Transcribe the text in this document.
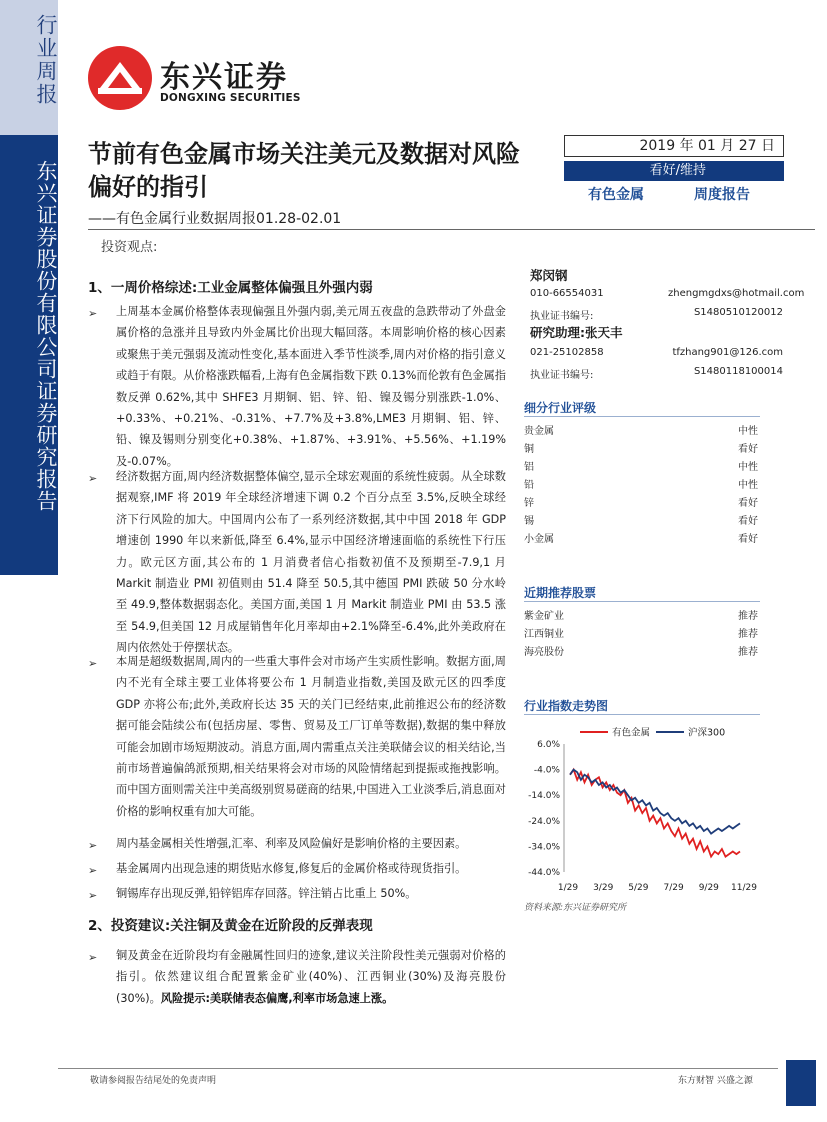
行业周报
东兴证券股份有限公司证券研究报告
东兴证券
DONGXING SECURITIES
节前有色金属市场关注美元及数据对风险偏好的指引
——有色金属行业数据周报01.28-02.01
投资观点:
2019 年 01 月 27 日
看好/维持
有色金属	周度报告
1、一周价格综述:工业金属整体偏强且外强内弱
➢ 上周基本金属价格整体表现偏强且外强内弱,美元周五夜盘的急跌带动了外盘金属价格的急涨并且导致内外金属比价出现大幅回落。本周影响价格的核心因素或聚焦于美元强弱及流动性变化,基本面进入季节性淡季,周内对价格的指引意义或趋于有限。从价格涨跌幅看,上海有色金属指数下跌 0.13%而伦敦有色金属指数反弹 0.62%,其中 SHFE3 月期铜、铝、锌、铅、镍及锡分别涨跌-1.0%、+0.33%、+0.21%、-0.31%、+7.7%及+3.8%,LME3 月期铜、铝、锌、铅、镍及锡则分别变化+0.38%、+1.87%、+3.91%、+5.56%、+1.19%及-0.07%。
➢ 经济数据方面,周内经济数据整体偏空,显示全球宏观面的系统性疲弱。从全球数据观察,IMF 将 2019 年全球经济增速下调 0.2 个百分点至 3.5%,反映全球经济下行风险的加大。中国周内公布了一系列经济数据,其中中国 2018 年 GDP 增速创 1990 年以来新低,降至 6.4%,显示中国经济增速面临的系统性下行压力。欧元区方面,其公布的 1 月消费者信心指数初值不及预期至-7.9,1 月 Markit 制造业 PMI 初值则由 51.4 降至 50.5,其中德国 PMI 跌破 50 分水岭至 49.9,整体数据弱态化。美国方面,美国 1 月 Markit 制造业 PMI 由 53.5 涨至 54.9,但美国 12 月成屋销售年化月率却由+2.1%降至-6.4%,此外美政府在周内依然处于停摆状态。
➢ 本周是超级数据周,周内的一些重大事件会对市场产生实质性影响。数据方面,周内不光有全球主要工业体将要公布 1 月制造业指数,美国及欧元区的四季度 GDP 亦将公布;此外,美政府长达 35 天的关门已经结束,此前推迟公布的经济数据可能会陆续公布(包括房屋、零售、贸易及工厂订单等数据),数据的集中释放可能会加剧市场短期波动。消息方面,周内需重点关注美联储会议的相关结论,当前市场普遍偏鸽派预期,相关结果将会对市场的风险情绪起到提振或拖拽影响。而中国方面则需关注中美高级别贸易磋商的结果,中国进入工业淡季后,消息面对价格的影响权重有加大可能。
➢ 周内基金属相关性增强,汇率、利率及风险偏好是影响价格的主要因素。
➢ 基金属周内出现急速的期货贴水修复,修复后的金属价格或待现货指引。
➢ 铜锡库存出现反弹,铅锌铝库存回落。锌注销占比重上 50%。
2、投资建议:关注铜及黄金在近阶段的反弹表现
➢ 铜及黄金在近阶段均有金融属性回归的迹象,建议关注阶段性美元强弱对价格的指引。依然建议组合配置紫金矿业(40%)、江西铜业(30%)及海亮股份(30%)。风险提示:美联储表态偏鹰,利率市场急速上涨。
郑闵钢
010-66554031	zhengmgdxs@hotmail.com
执业证书编号:	S1480510120012
研究助理:张天丰
021-25102858	tfzhang901@126.com
执业证书编号:	S1480118100014
细分行业评级
贵金属	中性
铜	看好
铝	中性
铅	中性
锌	看好
锡	看好
小金属	看好
近期推荐股票
紫金矿业	推荐
江西铜业	推荐
海亮股份	推荐
行业指数走势图
6.0%
-4.0%
-14.0%
-24.0%
-34.0%
-44.0%
1/29 3/29 5/29 7/29 9/29 11/29
有色金属	沪深300
资料来源:东兴证券研究所
敬请参阅报告结尾处的免责声明	东方财智 兴盛之源
